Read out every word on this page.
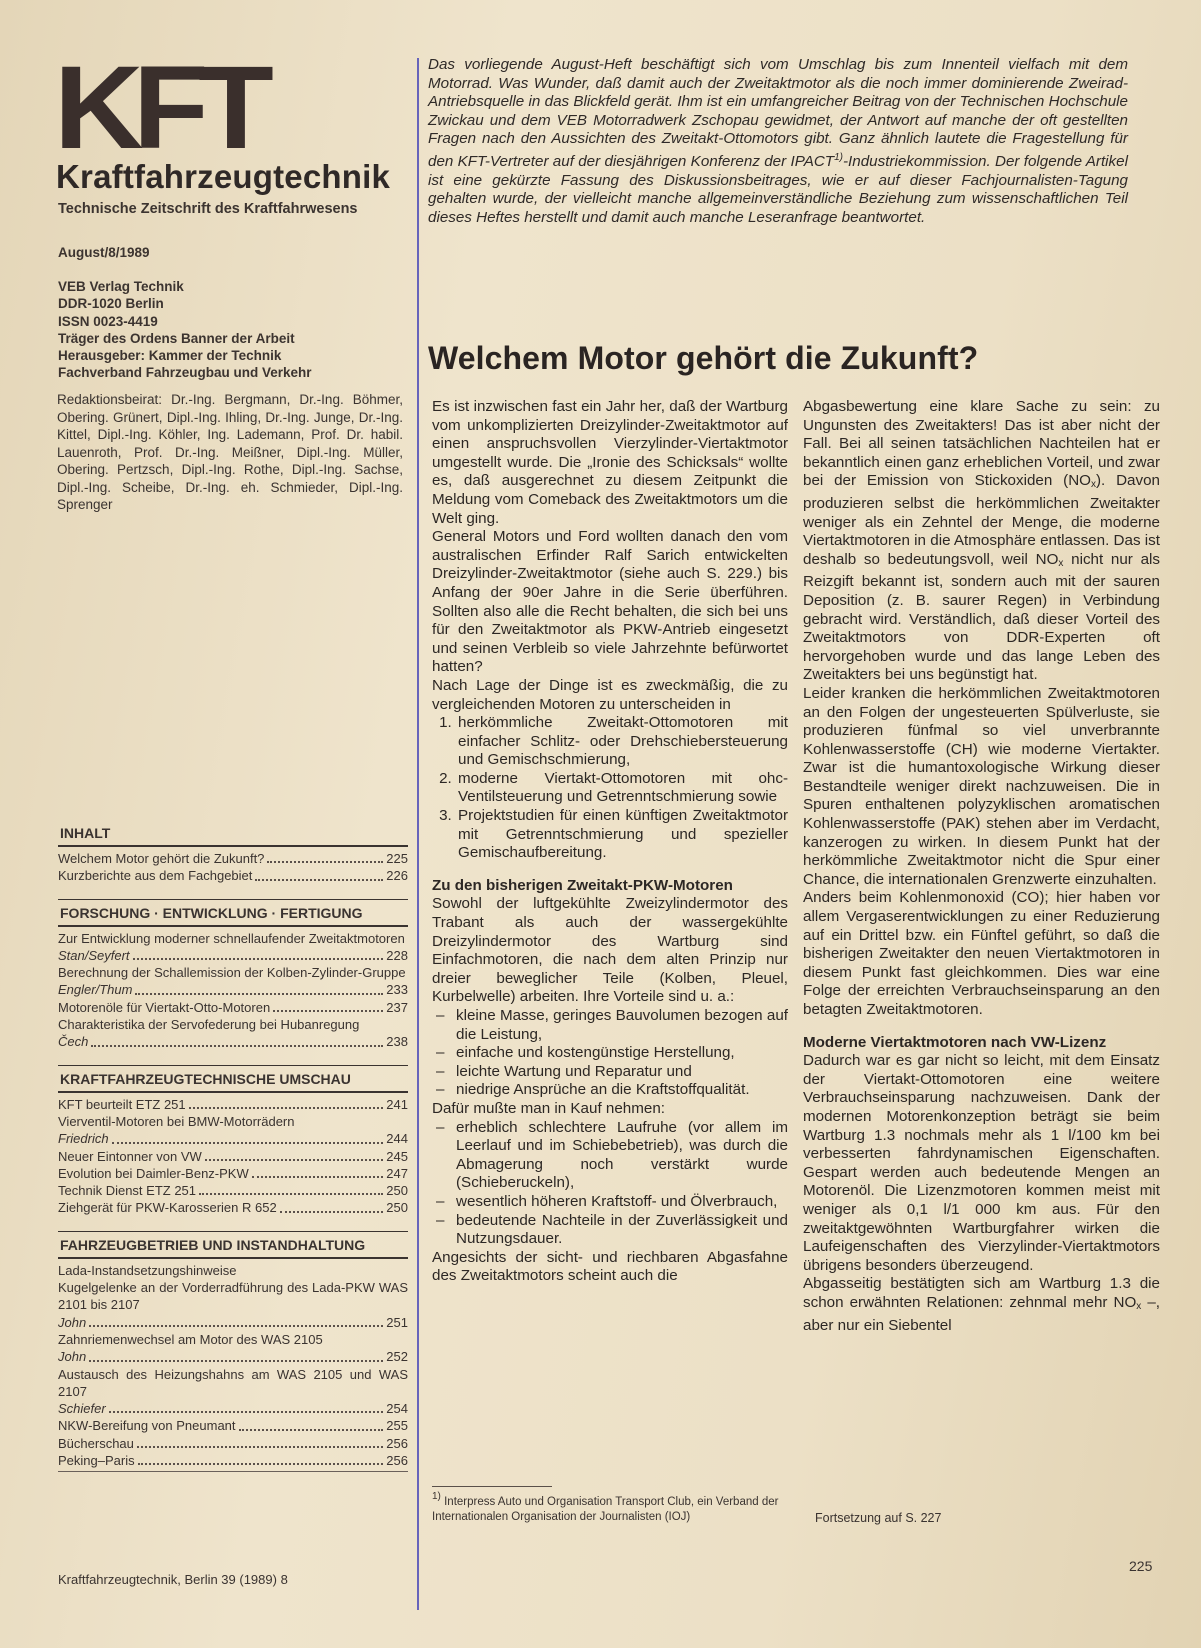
KFT
Kraftfahrzeugtechnik
Technische Zeitschrift des Kraftfahrwesens
August/8/1989
VEB Verlag Technik
DDR-1020 Berlin
ISSN 0023-4419
Träger des Ordens Banner der Arbeit
Herausgeber: Kammer der Technik
Fachverband Fahrzeugbau und Verkehr
Redaktionsbeirat: Dr.-Ing. Bergmann, Dr.-Ing. Böhmer, Obering. Grünert, Dipl.-Ing. Ihling, Dr.-Ing. Junge, Dr.-Ing. Kittel, Dipl.-Ing. Köhler, Ing. Lademann, Prof. Dr. habil. Lauenroth, Prof. Dr.-Ing. Meißner, Dipl.-Ing. Müller, Obering. Pertzsch, Dipl.-Ing. Rothe, Dipl.-Ing. Sachse, Dipl.-Ing. Scheibe, Dr.-Ing. eh. Schmieder, Dipl.-Ing. Sprenger
INHALT
Welchem Motor gehört die Zukunft?	225
Kurzberichte aus dem Fachgebiet	226
FORSCHUNG · ENTWICKLUNG · FERTIGUNG
Zur Entwicklung moderner schnellaufender Zweitaktmotoren
Stan/Seyfert	228
Berechnung der Schallemission der Kolben-Zylinder-Gruppe
Engler/Thum	233
Motorenöle für Viertakt-Otto-Motoren	237
Charakteristika der Servofederung bei Hubanregung
Čech	238
KRAFTFAHRZEUGTECHNISCHE UMSCHAU
KFT beurteilt ETZ 251	241
Vierventil-Motoren bei BMW-Motorrädern
Friedrich	244
Neuer Eintonner von VW	245
Evolution bei Daimler-Benz-PKW	247
Technik Dienst ETZ 251	250
Ziehgerät für PKW-Karosserien R 652	250
FAHRZEUGBETRIEB UND INSTANDHALTUNG
Lada-Instandsetzungshinweise
Kugelgelenke an der Vorderradführung des Lada-PKW WAS 2101 bis 2107
John	251
Zahnriemenwechsel am Motor des WAS 2105
John	252
Austausch des Heizungshahns am WAS 2105 und WAS 2107
Schiefer	254
NKW-Bereifung von Pneumant	255
Bücherschau	256
Peking–Paris	256
Das vorliegende August-Heft beschäftigt sich vom Umschlag bis zum Innenteil vielfach mit dem Motorrad. Was Wunder, daß damit auch der Zweitaktmotor als die noch immer dominierende Zweirad-Antriebsquelle in das Blickfeld gerät. Ihm ist ein umfangreicher Beitrag von der Technischen Hochschule Zwickau und dem VEB Motorradwerk Zschopau gewidmet, der Antwort auf manche der oft gestellten Fragen nach den Aussichten des Zweitakt-Ottomotors gibt. Ganz ähnlich lautete die Fragestellung für den KFT-Vertreter auf der diesjährigen Konferenz der IPACT$^{1)}$-Industriekommission. Der folgende Artikel ist eine gekürzte Fassung des Diskussionsbeitrages, wie er auf dieser Fachjournalisten-Tagung gehalten wurde, der vielleicht manche allgemeinverständliche Beziehung zum wissenschaftlichen Teil dieses Heftes herstellt und damit auch manche Leseranfrage beantwortet.
Welchem Motor gehört die Zukunft?

Es ist inzwischen fast ein Jahr her, daß der Wartburg vom unkomplizierten Dreizylinder-Zweitaktmotor auf einen anspruchsvollen Vierzylinder-Viertaktmotor umgestellt wurde. Die „Ironie des Schicksals“ wollte es, daß ausgerechnet zu diesem Zeitpunkt die Meldung vom Comeback des Zweitaktmotors um die Welt ging.

General Motors und Ford wollten danach den vom australischen Erfinder Ralf Sarich entwickelten Dreizylinder-Zweitaktmotor (siehe auch S. 229.) bis Anfang der 90er Jahre in die Serie überführen. Sollten also alle die Recht behalten, die sich bei uns für den Zweitaktmotor als PKW-Antrieb eingesetzt und seinen Verbleib so viele Jahrzehnte befürwortet hatten?

Nach Lage der Dinge ist es zweckmäßig, die zu vergleichenden Motoren zu unterscheiden in

1. herkömmliche Zweitakt-Ottomotoren mit einfacher Schlitz- oder Drehschiebersteuerung und Gemischschmierung,
2. moderne Viertakt-Ottomotoren mit ohc-Ventilsteuerung und Getrenntschmierung sowie
3. Projektstudien für einen künftigen Zweitaktmotor mit Getrenntschmierung und spezieller Gemischaufbereitung.

Zu den bisherigen Zweitakt-PKW-Motoren

Sowohl der luftgekühlte Zweizylindermotor des Trabant als auch der wassergekühlte Dreizylindermotor des Wartburg sind Einfachmotoren, die nach dem alten Prinzip nur dreier beweglicher Teile (Kolben, Pleuel, Kurbelwelle) arbeiten. Ihre Vorteile sind u. a.:

– kleine Masse, geringes Bauvolumen bezogen auf die Leistung,
– einfache und kostengünstige Herstellung,
– leichte Wartung und Reparatur und
– niedrige Ansprüche an die Kraftstoffqualität.

Dafür mußte man in Kauf nehmen:

– erheblich schlechtere Laufruhe (vor allem im Leerlauf und im Schiebebetrieb), was durch die Abmagerung noch verstärkt wurde (Schieberuckeln),
– wesentlich höheren Kraftstoff- und Ölverbrauch,
– bedeutende Nachteile in der Zuverlässigkeit und Nutzungsdauer.

Angesichts der sicht- und riechbaren Abgasfahne des Zweitaktmotors scheint auch die

Abgasbewertung eine klare Sache zu sein: zu Ungunsten des Zweitakters! Das ist aber nicht der Fall. Bei all seinen tatsächlichen Nachteilen hat er bekanntlich einen ganz erheblichen Vorteil, und zwar bei der Emission von Stickoxiden (NOx). Davon produzieren selbst die herkömmlichen Zweitakter weniger als ein Zehntel der Menge, die moderne Viertaktmotoren in die Atmosphäre entlassen. Das ist deshalb so bedeutungsvoll, weil NOx nicht nur als Reizgift bekannt ist, sondern auch mit der sauren Deposition (z. B. saurer Regen) in Verbindung gebracht wird. Verständlich, daß dieser Vorteil des Zweitaktmotors von DDR-Experten oft hervorgehoben wurde und das lange Leben des Zweitakters bei uns begünstigt hat.

Leider kranken die herkömmlichen Zweitaktmotoren an den Folgen der ungesteuerten Spülverluste, sie produzieren fünfmal so viel unverbrannte Kohlenwasserstoffe (CH) wie moderne Viertakter. Zwar ist die humantoxologische Wirkung dieser Bestandteile weniger direkt nachzuweisen. Die in Spuren enthaltenen polyzyklischen aromatischen Kohlenwasserstoffe (PAK) stehen aber im Verdacht, kanzerogen zu wirken. In diesem Punkt hat der herkömmliche Zweitaktmotor nicht die Spur einer Chance, die internationalen Grenzwerte einzuhalten.

Anders beim Kohlenmonoxid (CO); hier haben vor allem Vergaserentwicklungen zu einer Reduzierung auf ein Drittel bzw. ein Fünftel geführt, so daß die bisherigen Zweitakter den neuen Viertaktmotoren in diesem Punkt fast gleichkommen. Dies war eine Folge der erreichten Verbrauchseinsparung an den betagten Zweitaktmotoren.

Moderne Viertaktmotoren nach VW-Lizenz

Dadurch war es gar nicht so leicht, mit dem Einsatz der Viertakt-Ottomotoren eine weitere Verbrauchseinsparung nachzuweisen. Dank der modernen Motorenkonzeption beträgt sie beim Wartburg 1.3 nochmals mehr als 1 l/100 km bei verbesserten fahrdynamischen Eigenschaften. Gespart werden auch bedeutende Mengen an Motorenöl. Die Lizenzmotoren kommen meist mit weniger als 0,1 l/1 000 km aus. Für den zweitaktgewöhnten Wartburgfahrer wirken die Laufeigenschaften des Vierzylinder-Viertaktmotors übrigens besonders überzeugend.

Abgasseitig bestätigten sich am Wartburg 1.3 die schon erwähnten Relationen: zehnmal mehr NOx –, aber nur ein Siebentel

1) Interpress Auto und Organisation Transport Club, ein Verband der Internationalen Organisation der Journalisten (IOJ)	Fortsetzung auf S. 227
Kraftfahrzeugtechnik, Berlin 39 (1989) 8
225
